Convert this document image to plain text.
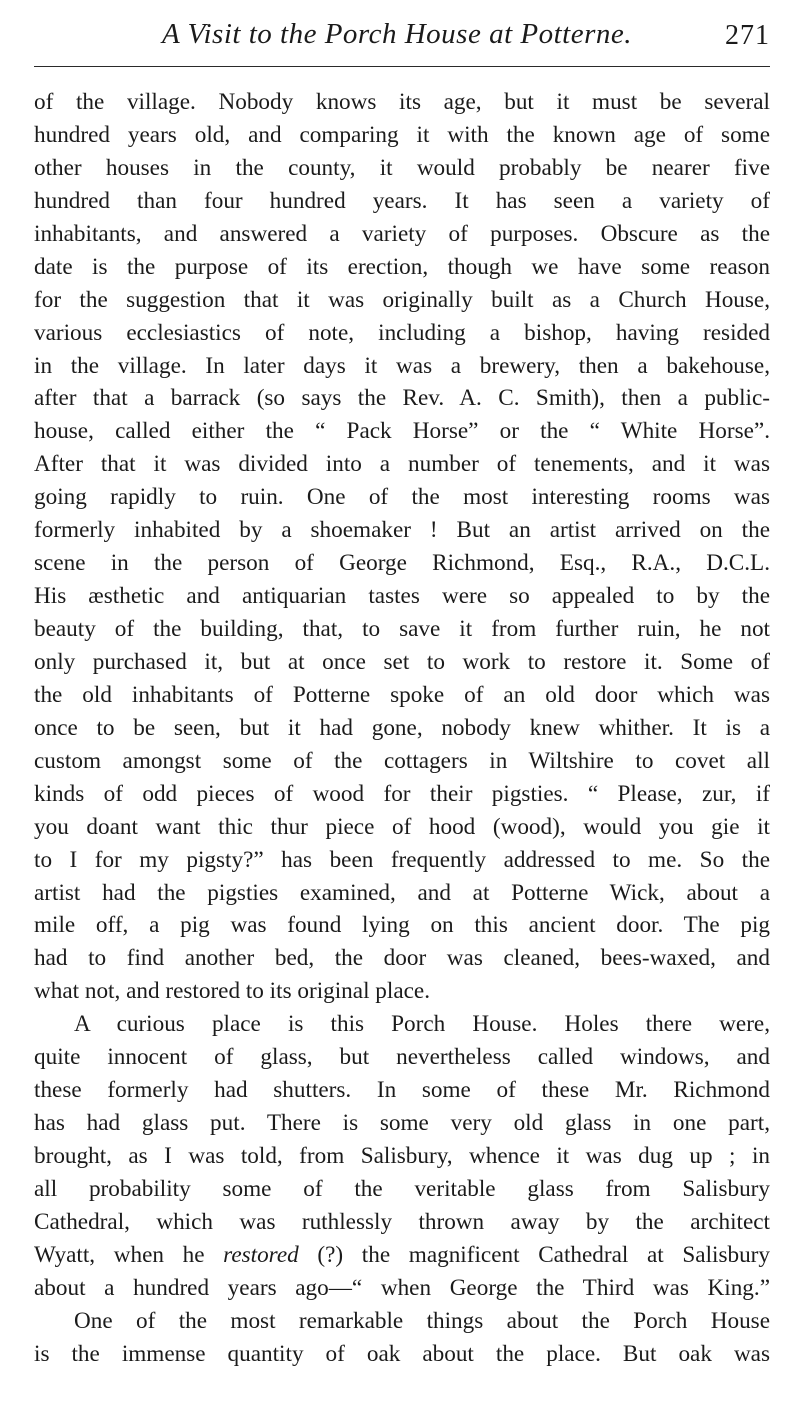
A Visit to the Porch House at Potterne.	271
of the village. Nobody knows its age, but it must be several
hundred years old, and comparing it with the known age of some
other houses in the county, it would probably be nearer five
hundred than four hundred years. It has seen a variety of
inhabitants, and answered a variety of purposes. Obscure as the
date is the purpose of its erection, though we have some reason
for the suggestion that it was originally built as a Church House,
various ecclesiastics of note, including a bishop, having resided
in the village. In later days it was a brewery, then a bakehouse,
after that a barrack (so says the Rev. A. C. Smith), then a public-
house, called either the “ Pack Horse” or the “ White Horse”.
After that it was divided into a number of tenements, and it was
going rapidly to ruin. One of the most interesting rooms was
formerly inhabited by a shoemaker ! But an artist arrived on the
scene in the person of George Richmond, Esq., R.A., D.C.L.
His æsthetic and antiquarian tastes were so appealed to by the
beauty of the building, that, to save it from further ruin, he not
only purchased it, but at once set to work to restore it. Some of
the old inhabitants of Potterne spoke of an old door which was
once to be seen, but it had gone, nobody knew whither. It is a
custom amongst some of the cottagers in Wiltshire to covet all
kinds of odd pieces of wood for their pigsties. “ Please, zur, if
you doant want thic thur piece of hood (wood), would you gie it
to I for my pigsty?” has been frequently addressed to me. So the
artist had the pigsties examined, and at Potterne Wick, about a
mile off, a pig was found lying on this ancient door. The pig
had to find another bed, the door was cleaned, bees-waxed, and
what not, and restored to its original place.
A curious place is this Porch House. Holes there were,
quite innocent of glass, but nevertheless called windows, and
these formerly had shutters. In some of these Mr. Richmond
has had glass put. There is some very old glass in one part,
brought, as I was told, from Salisbury, whence it was dug up ; in
all probability some of the veritable glass from Salisbury
Cathedral, which was ruthlessly thrown away by the architect
Wyatt, when he restored (?) the magnificent Cathedral at Salisbury
about a hundred years ago—“ when George the Third was King.”
One of the most remarkable things about the Porch House
is the immense quantity of oak about the place. But oak was
